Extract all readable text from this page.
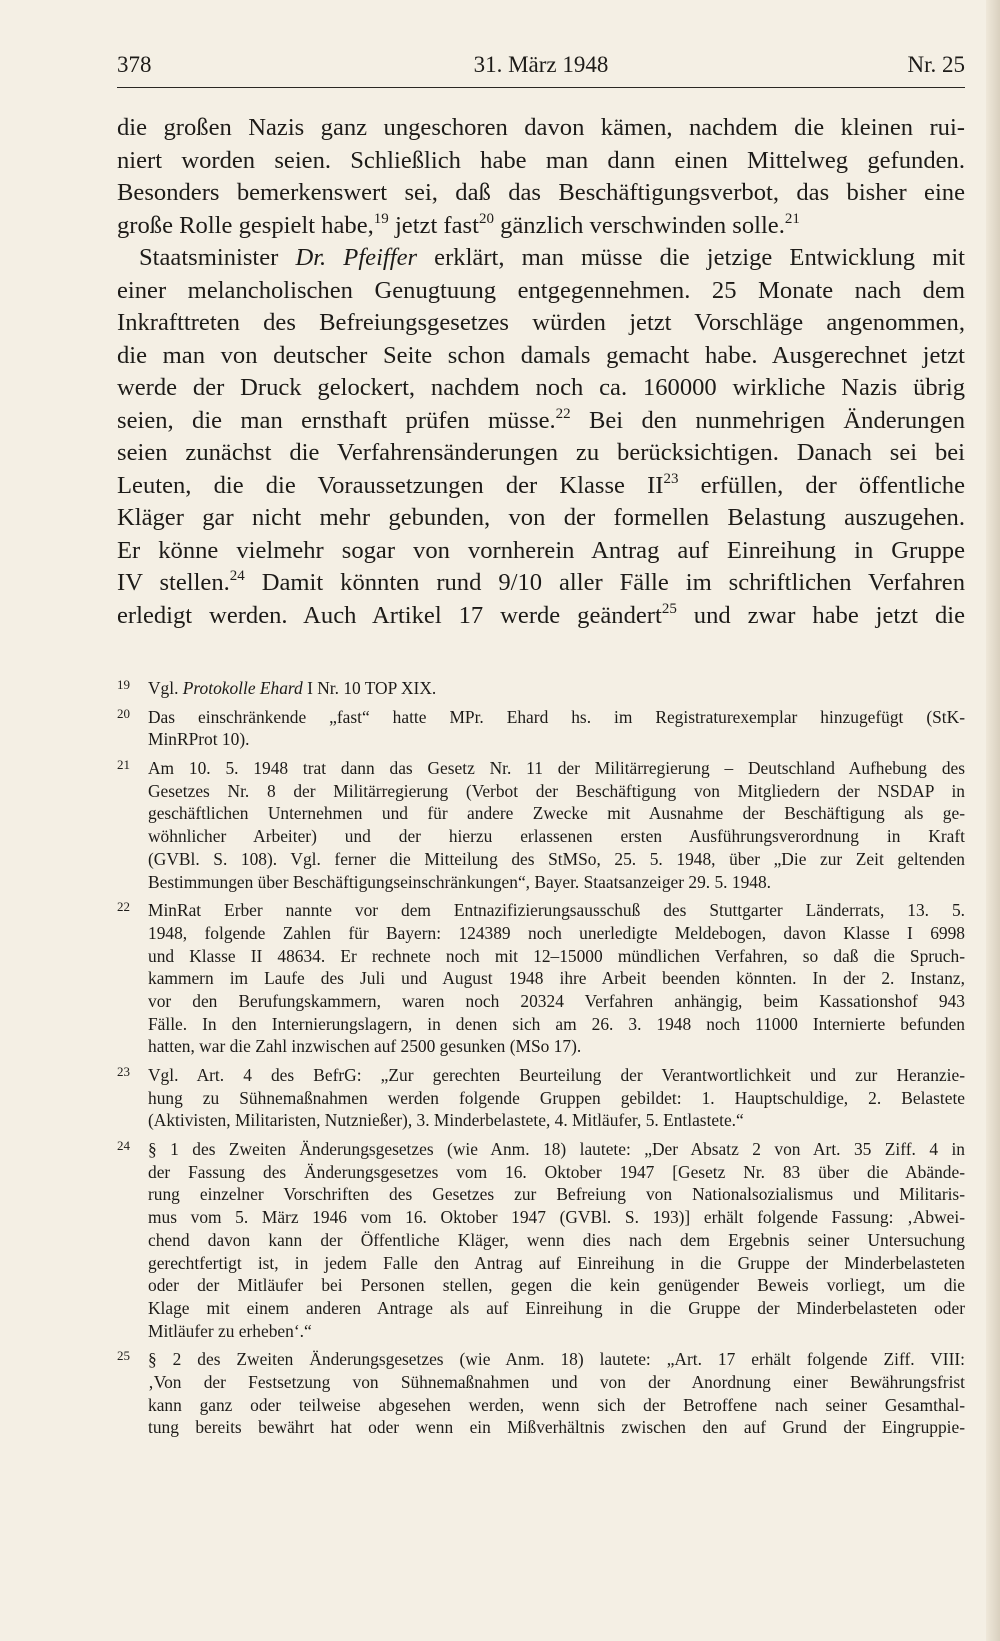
378	31. März 1948	Nr. 25
die großen Nazis ganz ungeschoren davon kämen, nachdem die kleinen rui-
niert worden seien. Schließlich habe man dann einen Mittelweg gefunden.
Besonders bemerkenswert sei, daß das Beschäftigungsverbot, das bisher eine
große Rolle gespielt habe,$^{19}$ jetzt fast$^{20}$ gänzlich verschwinden solle.$^{21}$
Staatsminister Dr. Pfeiffer erklärt, man müsse die jetzige Entwicklung mit
einer melancholischen Genugtuung entgegennehmen. 25 Monate nach dem
Inkrafttreten des Befreiungsgesetzes würden jetzt Vorschläge angenommen,
die man von deutscher Seite schon damals gemacht habe. Ausgerechnet jetzt
werde der Druck gelockert, nachdem noch ca. 160000 wirkliche Nazis übrig
seien, die man ernsthaft prüfen müsse.$^{22}$ Bei den nunmehrigen Änderungen
seien zunächst die Verfahrensänderungen zu berücksichtigen. Danach sei bei
Leuten, die die Voraussetzungen der Klasse II$^{23}$ erfüllen, der öffentliche
Kläger gar nicht mehr gebunden, von der formellen Belastung auszugehen.
Er könne vielmehr sogar von vornherein Antrag auf Einreihung in Gruppe
IV stellen.$^{24}$ Damit könnten rund 9/10 aller Fälle im schriftlichen Verfahren
erledigt werden. Auch Artikel 17 werde geändert$^{25}$ und zwar habe jetzt die
19 Vgl. Protokolle Ehard I Nr. 10 TOP XIX.
20 Das einschränkende „fast“ hatte MPr. Ehard hs. im Registraturexemplar hinzugefügt (StK-
MinRProt 10).
21 Am 10. 5. 1948 trat dann das Gesetz Nr. 11 der Militärregierung – Deutschland Aufhebung des
Gesetzes Nr. 8 der Militärregierung (Verbot der Beschäftigung von Mitgliedern der NSDAP in
geschäftlichen Unternehmen und für andere Zwecke mit Ausnahme der Beschäftigung als ge-
wöhnlicher Arbeiter) und der hierzu erlassenen ersten Ausführungsverordnung in Kraft
(GVBl. S. 108). Vgl. ferner die Mitteilung des StMSo, 25. 5. 1948, über „Die zur Zeit geltenden
Bestimmungen über Beschäftigungseinschränkungen“, Bayer. Staatsanzeiger 29. 5. 1948.
22 MinRat Erber nannte vor dem Entnazifizierungsausschuß des Stuttgarter Länderrats, 13. 5.
1948, folgende Zahlen für Bayern: 124389 noch unerledigte Meldebogen, davon Klasse I 6998
und Klasse II 48634. Er rechnete noch mit 12–15000 mündlichen Verfahren, so daß die Spruch-
kammern im Laufe des Juli und August 1948 ihre Arbeit beenden könnten. In der 2. Instanz,
vor den Berufungskammern, waren noch 20324 Verfahren anhängig, beim Kassationshof 943
Fälle. In den Internierungslagern, in denen sich am 26. 3. 1948 noch 11000 Internierte befunden
hatten, war die Zahl inzwischen auf 2500 gesunken (MSo 17).
23 Vgl. Art. 4 des BefrG: „Zur gerechten Beurteilung der Verantwortlichkeit und zur Heranzie-
hung zu Sühnemaßnahmen werden folgende Gruppen gebildet: 1. Hauptschuldige, 2. Belastete
(Aktivisten, Militaristen, Nutznießer), 3. Minderbelastete, 4. Mitläufer, 5. Entlastete.“
24 § 1 des Zweiten Änderungsgesetzes (wie Anm. 18) lautete: „Der Absatz 2 von Art. 35 Ziff. 4 in
der Fassung des Änderungsgesetzes vom 16. Oktober 1947 [Gesetz Nr. 83 über die Abände-
rung einzelner Vorschriften des Gesetzes zur Befreiung von Nationalsozialismus und Militaris-
mus vom 5. März 1946 vom 16. Oktober 1947 (GVBl. S. 193)] erhält folgende Fassung: ‚Abwei-
chend davon kann der Öffentliche Kläger, wenn dies nach dem Ergebnis seiner Untersuchung
gerechtfertigt ist, in jedem Falle den Antrag auf Einreihung in die Gruppe der Minderbelasteten
oder der Mitläufer bei Personen stellen, gegen die kein genügender Beweis vorliegt, um die
Klage mit einem anderen Antrage als auf Einreihung in die Gruppe der Minderbelasteten oder
Mitläufer zu erheben‘.“
25 § 2 des Zweiten Änderungsgesetzes (wie Anm. 18) lautete: „Art. 17 erhält folgende Ziff. VIII:
‚Von der Festsetzung von Sühnemaßnahmen und von der Anordnung einer Bewährungsfrist
kann ganz oder teilweise abgesehen werden, wenn sich der Betroffene nach seiner Gesamthal-
tung bereits bewährt hat oder wenn ein Mißverhältnis zwischen den auf Grund der Eingruppie-
